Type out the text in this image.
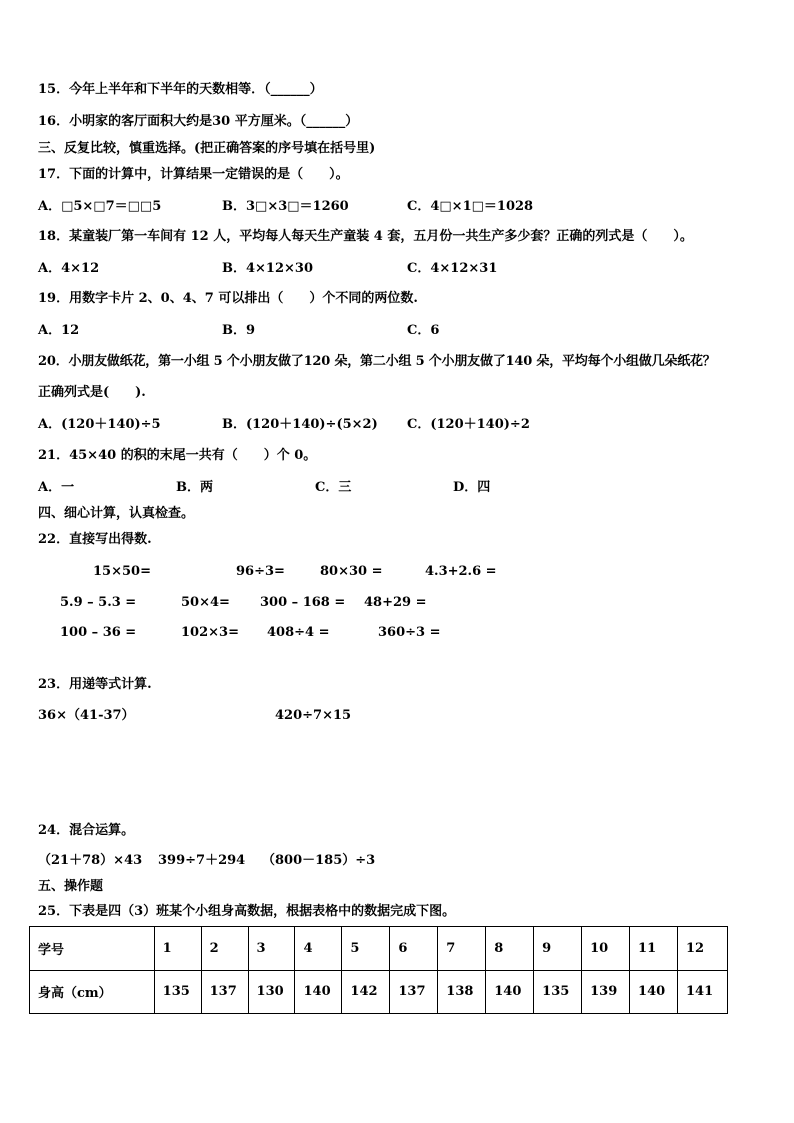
15．今年上半年和下半年的天数相等．（______）
16．小明家的客厅面积大约是30 平方厘米。（______）
三、反复比较，慎重选择。(把正确答案的序号填在括号里)
17．下面的计算中，计算结果一定错误的是（　　）。
A．□5×□7＝□□5	B．3□×3□＝1260	C．4□×1□＝1028
18．某童装厂第一车间有 12 人，平均每人每天生产童装 4 套，五月份一共生产多少套？正确的列式是（　　）。
A．4×12	B．4×12×30	C．4×12×31
19．用数字卡片 2、0、4、7 可以排出（　　）个不同的两位数.
A．12	B．9	C．6
20．小朋友做纸花，第一小组 5 个小朋友做了120 朵，第二小组 5 个小朋友做了140 朵，平均每个小组做几朵纸花？
正确列式是(　　).
A．(120＋140)÷5	B．(120＋140)÷(5×2) C．(120＋140)÷2
21．45×40 的积的末尾一共有（　　）个 0。
A．一	B．两	C．三	D．四
四、细心计算，认真检查。
22．直接写出得数.
15×50=	96÷3=	80×30 =	4.3+2.6 =
5.9 – 5.3 =	50×4= 300 – 168 = 48+29 =
100 – 36 =	102×3= 408÷4 =	360÷3 =
23．用递等式计算.
36×（41-37）	420÷7×15
24．混合运算。
（21＋78）×43 399÷7＋294 （800－185）÷3
五、操作题
25．下表是四（3）班某个小组身高数据，根据表格中的数据完成下图。
学号	1	2	3	4	5	6	7	8	9	10	11	12
身高（cm）	135	137	130	140	142	137	138	140	135	139	140	141
